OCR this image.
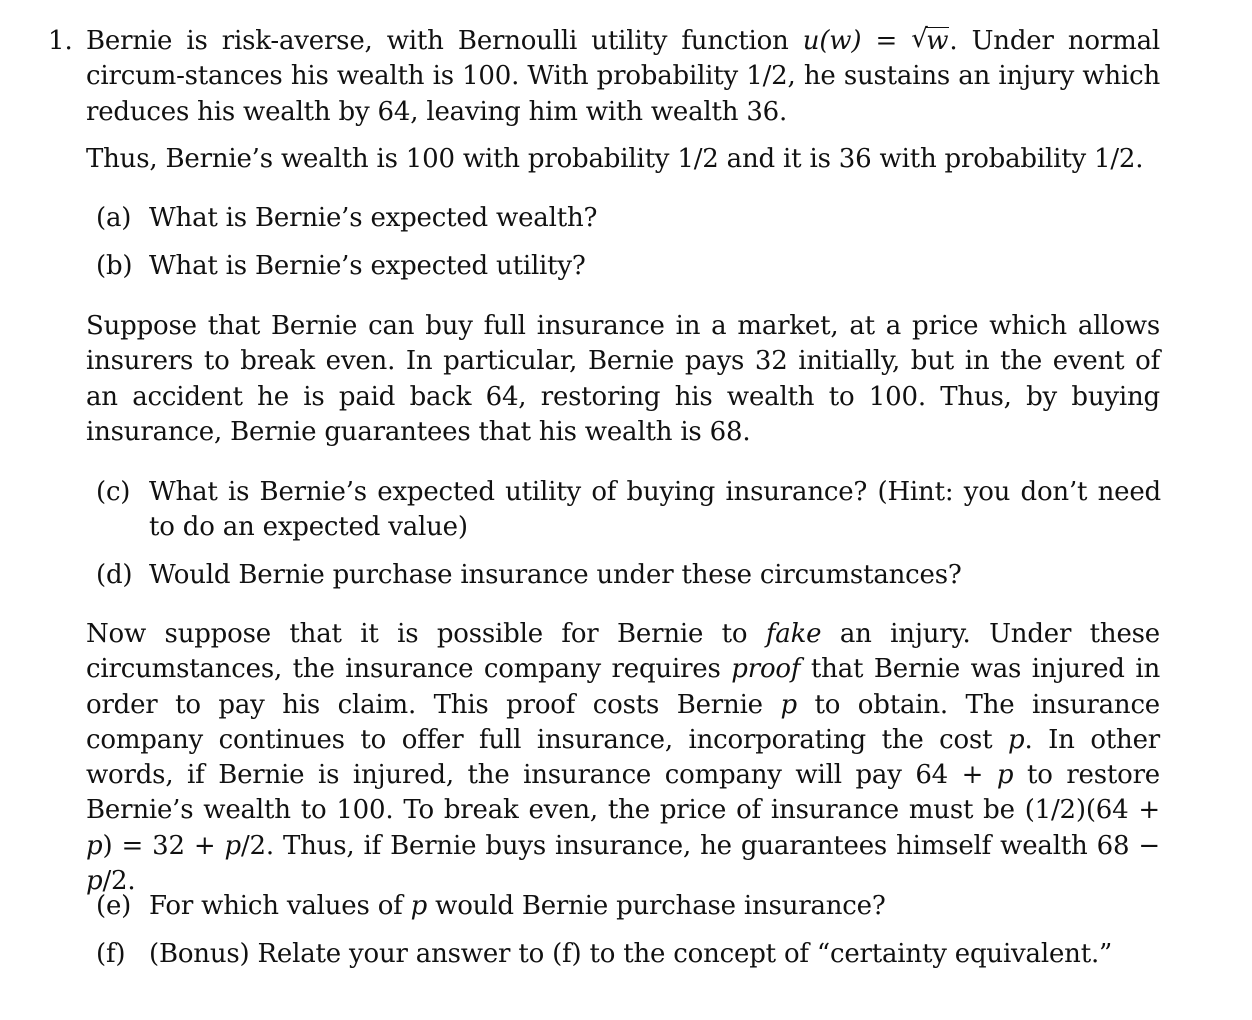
1. Bernie is risk-averse, with Bernoulli utility function u(w) = √
w. Under normal circum-stances his wealth is 100. With probability 1/2, he sustains an injury which reduces his wealth by 64, leaving him with wealth 36.
Thus, Bernie’s wealth is 100 with probability 1/2 and it is 36 with probability 1/2.
(a) What is Bernie’s expected wealth?
(b) What is Bernie’s expected utility?
Suppose that Bernie can buy full insurance in a market, at a price which allows insurers to break even. In particular, Bernie pays 32 initially, but in the event of an accident he is paid back 64, restoring his wealth to 100. Thus, by buying insurance, Bernie guarantees that his wealth is 68.
(c) What is Bernie’s expected utility of buying insurance? (Hint: you don’t need to do an expected value)
(d) Would Bernie purchase insurance under these circumstances?
Now suppose that it is possible for Bernie to fake an injury. Under these circumstances, the insurance company requires proof that Bernie was injured in order to pay his claim. This proof costs Bernie p to obtain. The insurance company continues to offer full insurance, incorporating the cost p. In other words, if Bernie is injured, the insurance company will pay 64 + p to restore Bernie’s wealth to 100. To break even, the price of insurance must be (1/2)(64 + p) = 32 + p/2. Thus, if Bernie buys insurance, he guarantees himself wealth 68 − p/2.
(e) For which values of p would Bernie purchase insurance?
(f) (Bonus) Relate your answer to (f) to the concept of “certainty equivalent.”
